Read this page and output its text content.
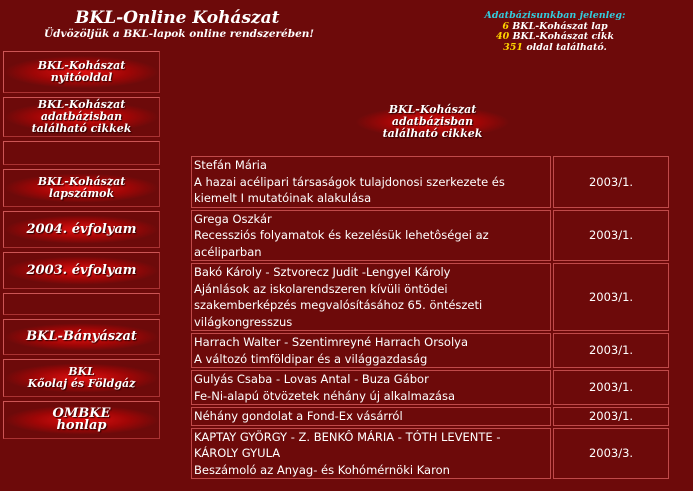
BKL-Online Kohászat
Üdvözöljük a BKL-lapok online rendszerében!
Adatbázisunkban jelenleg:
6 BKL-Kohászat lap
40 BKL-Kohászat cikk
351 oldal található.
BKL-Kohászat
nyitóoldal
BKL-Kohászat
adatbázisban
található cikkek
BKL-Kohászat
lapszámok
2004. évfolyam
2003. évfolyam
BKL-Bányászat
BKL
Kőolaj és Földgáz
OMBKE
honlap
BKL-Kohászat
adatbázisban
található cikkek
Stefán Mária
A hazai acélipari társaságok tulajdonosi szerkezete és kiemelt I mutatóinak alakulása	2003/1.

Grega Oszkár
Recessziós folyamatok és kezelésük lehetôségei az acéliparban	2003/1.

Bakó Károly - Sztvorecz Judit -Lengyel Károly
Ajánlások az iskolarendszeren kívüli öntödei szakemberképzés megvalósításához 65. öntészeti világkongresszus	2003/1.

Harrach Walter - Szentimreyné Harrach Orsolya
A változó timföldipar és a világgazdaság	2003/1.

Gulyás Csaba - Lovas Antal - Buza Gábor
Fe-Ni-alapú ötvözetek néhány új alkalmazása	2003/1.
Néhány gondolat a Fond-Ex vásárról	2003/1.

KAPTAY GYÖRGY - Z. BENKÔ MÁRIA - TÓTH LEVENTE - KÁROLY GYULA
Beszámoló az Anyag- és Kohómérnöki Karon	2003/3.
